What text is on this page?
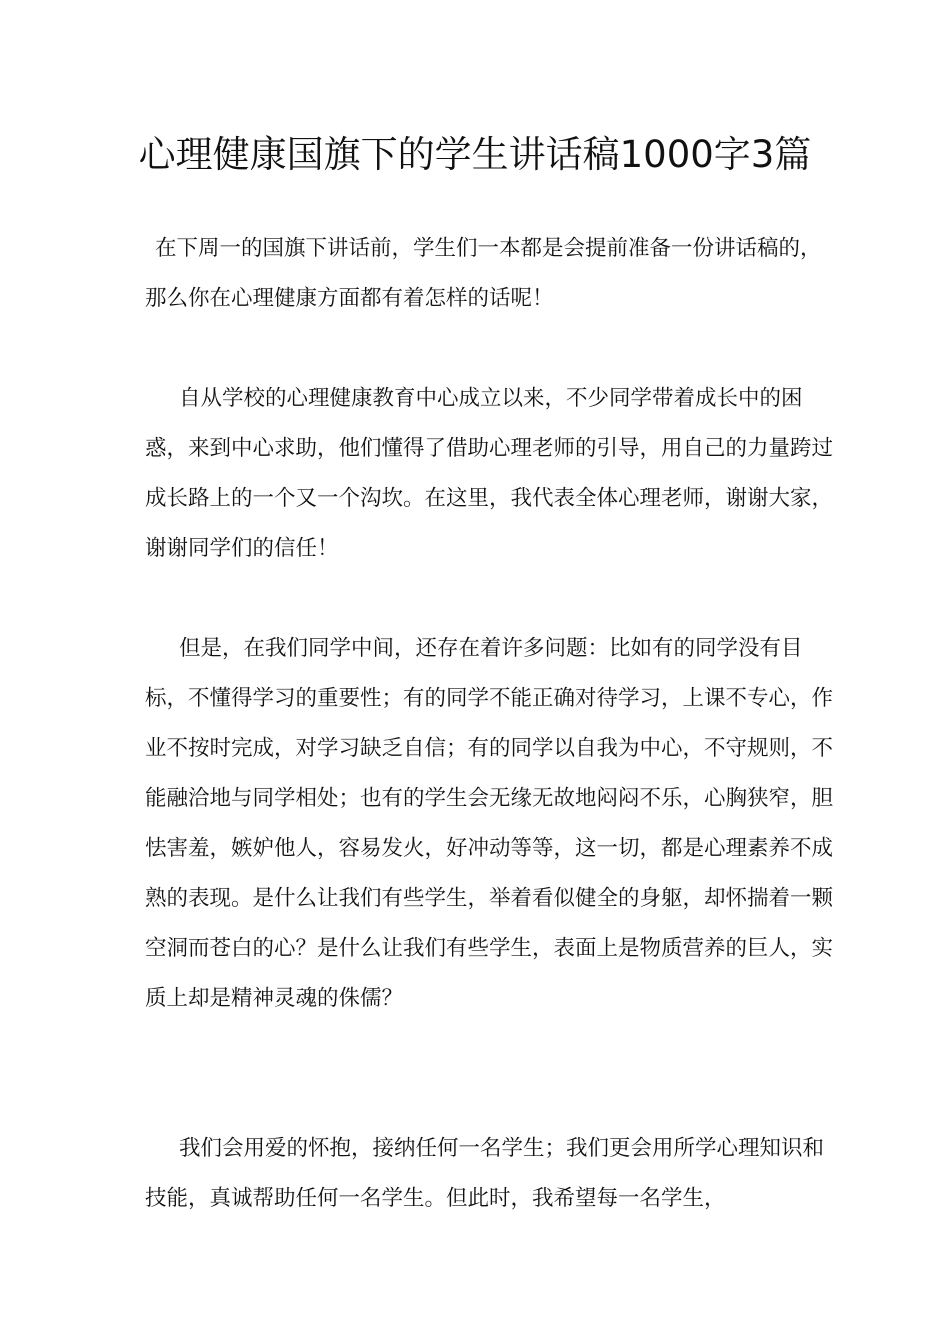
心理健康国旗下的学生讲话稿1000字3篇

在下周一的国旗下讲话前，学生们一本都是会提前准备一份讲话稿的，那么你在心理健康方面都有着怎样的话呢！

自从学校的心理健康教育中心成立以来，不少同学带着成长中的困惑，来到中心求助，他们懂得了借助心理老师的引导，用自己的力量跨过成长路上的一个又一个沟坎。在这里，我代表全体心理老师，谢谢大家，谢谢同学们的信任！

但是，在我们同学中间，还存在着许多问题：比如有的同学没有目标，不懂得学习的重要性；有的同学不能正确对待学习，上课不专心，作业不按时完成，对学习缺乏自信；有的同学以自我为中心，不守规则，不能融洽地与同学相处；也有的学生会无缘无故地闷闷不乐，心胸狭窄，胆怯害羞，嫉妒他人，容易发火，好冲动等等，这一切，都是心理素养不成熟的表现。是什么让我们有些学生，举着看似健全的身躯，却怀揣着一颗空洞而苍白的心？是什么让我们有些学生，表面上是物质营养的巨人，实质上却是精神灵魂的侏儒？

我们会用爱的怀抱，接纳任何一名学生；我们更会用所学心理知识和技能，真诚帮助任何一名学生。但此时，我希望每一名学生，
